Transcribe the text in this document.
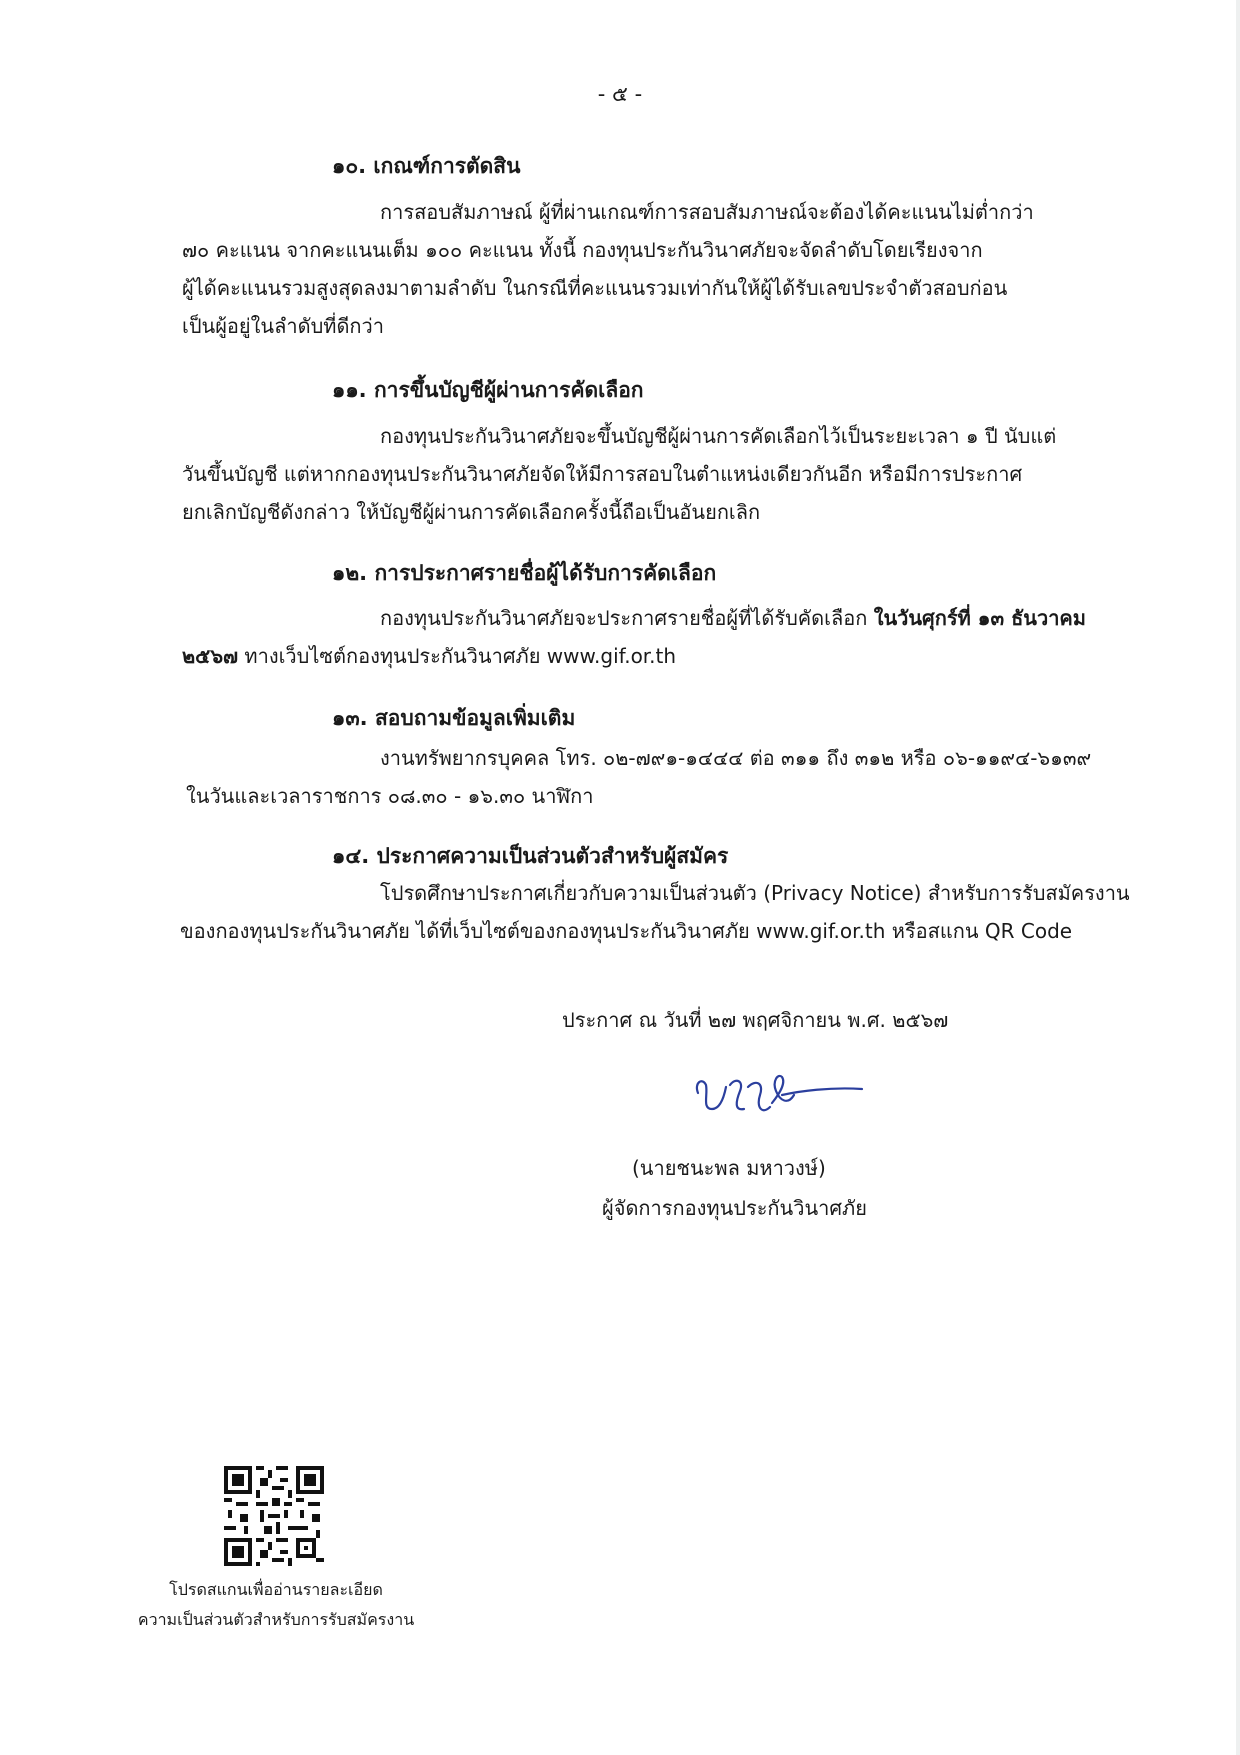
- ๕ -
๑๐. เกณฑ์การตัดสิน
การสอบสัมภาษณ์ ผู้ที่ผ่านเกณฑ์การสอบสัมภาษณ์จะต้องได้คะแนนไม่ต่ำกว่า
๗๐ คะแนน จากคะแนนเต็ม ๑๐๐ คะแนน ทั้งนี้ กองทุนประกันวินาศภัยจะจัดลำดับโดยเรียงจาก
ผู้ได้คะแนนรวมสูงสุดลงมาตามลำดับ ในกรณีที่คะแนนรวมเท่ากันให้ผู้ได้รับเลขประจำตัวสอบก่อน
เป็นผู้อยู่ในลำดับที่ดีกว่า
๑๑. การขึ้นบัญชีผู้ผ่านการคัดเลือก
กองทุนประกันวินาศภัยจะขึ้นบัญชีผู้ผ่านการคัดเลือกไว้เป็นระยะเวลา ๑ ปี นับแต่
วันขึ้นบัญชี แต่หากกองทุนประกันวินาศภัยจัดให้มีการสอบในตำแหน่งเดียวกันอีก หรือมีการประกาศ
ยกเลิกบัญชีดังกล่าว ให้บัญชีผู้ผ่านการคัดเลือกครั้งนี้ถือเป็นอันยกเลิก
๑๒. การประกาศรายชื่อผู้ได้รับการคัดเลือก
กองทุนประกันวินาศภัยจะประกาศรายชื่อผู้ที่ได้รับคัดเลือก ในวันศุกร์ที่ ๑๓ ธันวาคม
๒๕๖๗ ทางเว็บไซต์กองทุนประกันวินาศภัย www.gif.or.th
๑๓. สอบถามข้อมูลเพิ่มเติม
งานทรัพยากรบุคคล โทร. ๐๒-๗๙๑-๑๔๔๔ ต่อ ๓๑๑ ถึง ๓๑๒ หรือ ๐๖-๑๑๙๔-๖๑๓๙
ในวันและเวลาราชการ ๐๘.๓๐ - ๑๖.๓๐ นาฬิกา
๑๔. ประกาศความเป็นส่วนตัวสำหรับผู้สมัคร
โปรดศึกษาประกาศเกี่ยวกับความเป็นส่วนตัว (Privacy Notice) สำหรับการรับสมัครงาน
ของกองทุนประกันวินาศภัย ได้ที่เว็บไซต์ของกองทุนประกันวินาศภัย www.gif.or.th หรือสแกน QR Code
ประกาศ ณ วันที่ ๒๗ พฤศจิกายน พ.ศ. ๒๕๖๗
(นายชนะพล มหาวงษ์)
ผู้จัดการกองทุนประกันวินาศภัย
โปรดสแกนเพื่ออ่านรายละเอียด
ความเป็นส่วนตัวสำหรับการรับสมัครงาน
